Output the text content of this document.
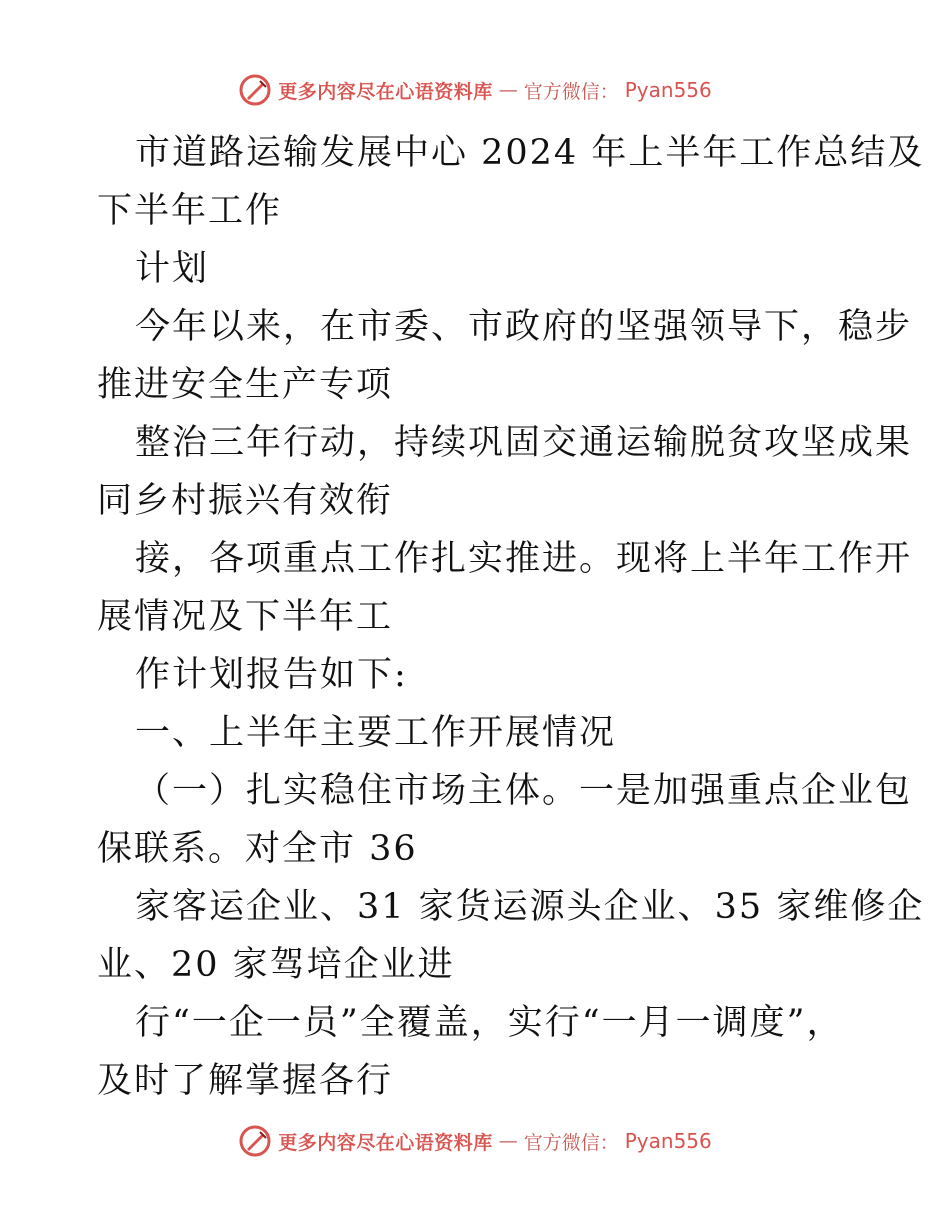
更多内容尽在心语资料库 — 官方微信： Pyan556
市道路运输发展中心 2024 年上半年工作总结及
下半年工作
计划
今年以来，在市委、市政府的坚强领导下，稳步
推进安全生产专项
整治三年行动，持续巩固交通运输脱贫攻坚成果
同乡村振兴有效衔
接，各项重点工作扎实推进。现将上半年工作开
展情况及下半年工
作计划报告如下:
一、上半年主要工作开展情况
（一）扎实稳住市场主体。一是加强重点企业包
保联系。对全市 36
家客运企业、31 家货运源头企业、35 家维修企
业、20 家驾培企业进
行“一企一员”全覆盖，实行“一月一调度”，
及时了解掌握各行
更多内容尽在心语资料库 — 官方微信： Pyan556
